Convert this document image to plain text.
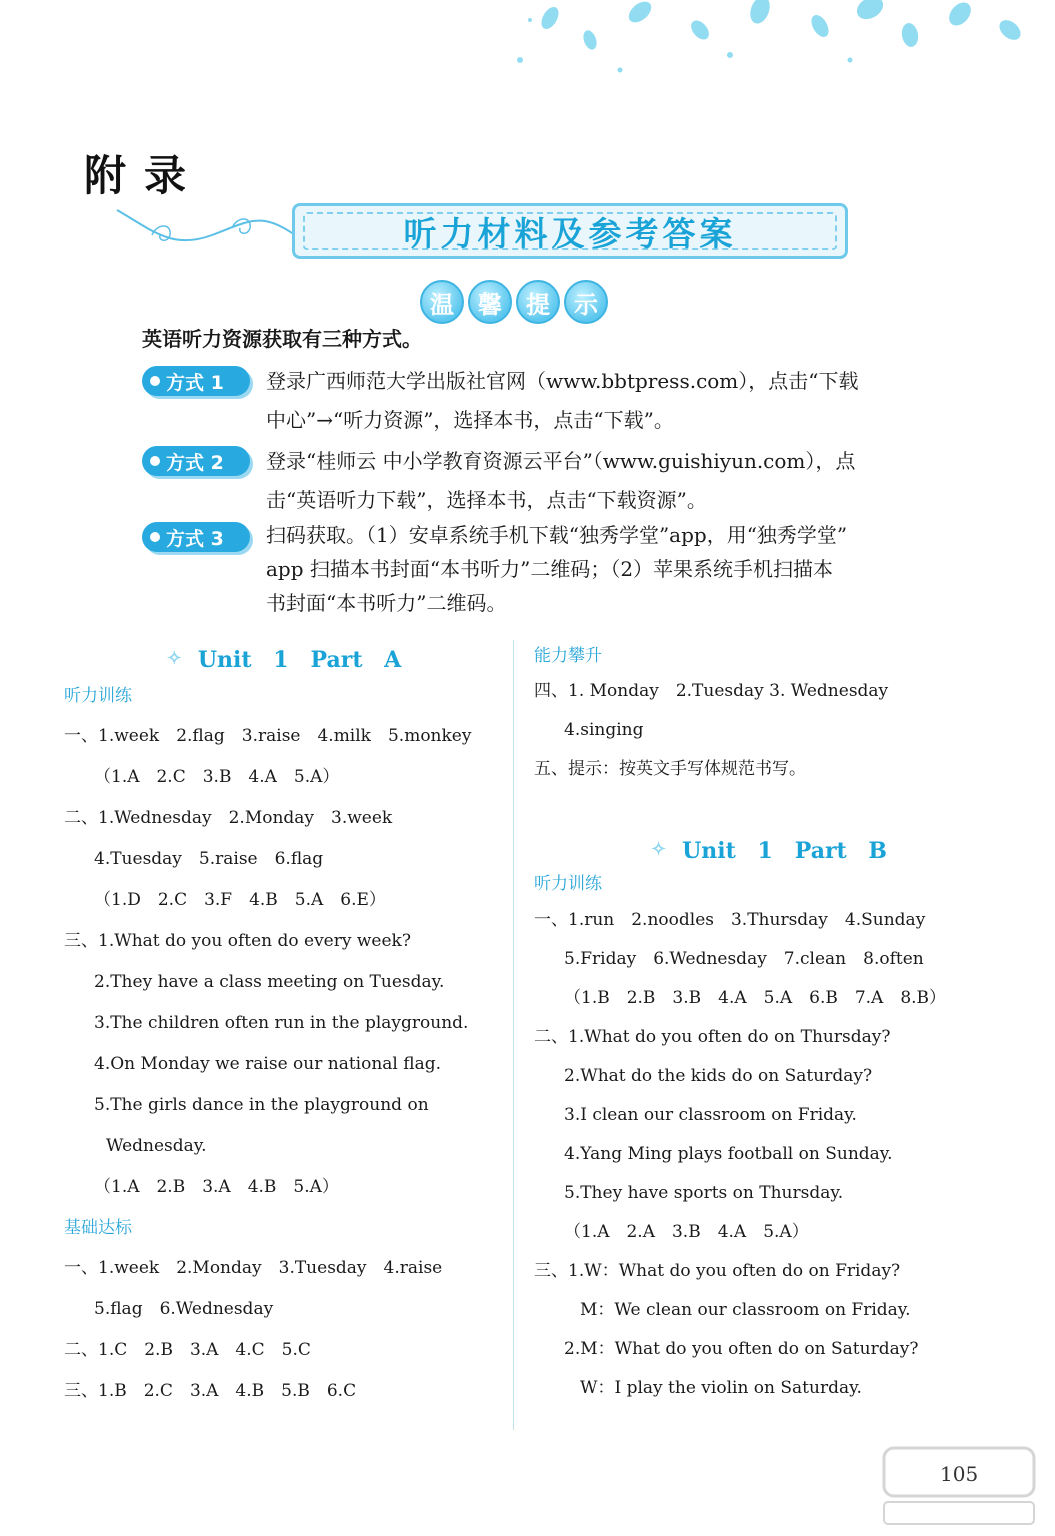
附录
听力材料及参考答案
温	馨	提	示
英语听力资源获取有三种方式。
方式 1 登录广西师范大学出版社官网（www.bbtpress.com），点击“下载
中心”→“听力资源”，选择本书，点击“下载”。
方式 2 登录“桂师云 中小学教育资源云平台”（www.guishiyun.com），点
击“英语听力下载”，选择本书，点击“下载资源”。
方式 3 扫码获取。（1）安卓系统手机下载“独秀学堂”app，用“独秀学堂”
app 扫描本书封面“本书听力”二维码；（2）苹果系统手机扫描本
书封面“本书听力”二维码。
✧ Unit 1　Part A
听力训练
一、1.week　2.flag　3.raise　4.milk　5.monkey
（1.A　2.C　3.B　4.A　5.A）
二、1.Wednesday　2.Monday　3.week
4.Tuesday　5.raise　6.flag
（1.D　2.C　3.F　4.B　5.A　6.E）
三、1.What do you often do every week?
2.They have a class meeting on Tuesday.
3.The children often run in the playground.
4.On Monday we raise our national flag.
5.The girls dance in the playground on
Wednesday.
（1.A　2.B　3.A　4.B　5.A）
基础达标
一、1.week　2.Monday　3.Tuesday　4.raise
5.flag　6.Wednesday
二、1.C　2.B　3.A　4.C　5.C
三、1.B　2.C　3.A　4.B　5.B　6.C
能力攀升
四、1. Monday　2.Tuesday 3. Wednesday
4.singing
五、提示：按英文手写体规范书写。
✧ Unit 1　Part B
听力训练
一、1.run　2.noodles　3.Thursday　4.Sunday
5.Friday　6.Wednesday　7.clean　8.often
（1.B　2.B　3.B　4.A　5.A　6.B　7.A　8.B）
二、1.What do you often do on Thursday?
2.What do the kids do on Saturday?
3.I clean our classroom on Friday.
4.Yang Ming plays football on Sunday.
5.They have sports on Thursday.
（1.A　2.A　3.B　4.A　5.A）
三、1.W：What do you often do on Friday?
M：We clean our classroom on Friday.
2.M：What do you often do on Saturday?
W：I play the violin on Saturday.
105
